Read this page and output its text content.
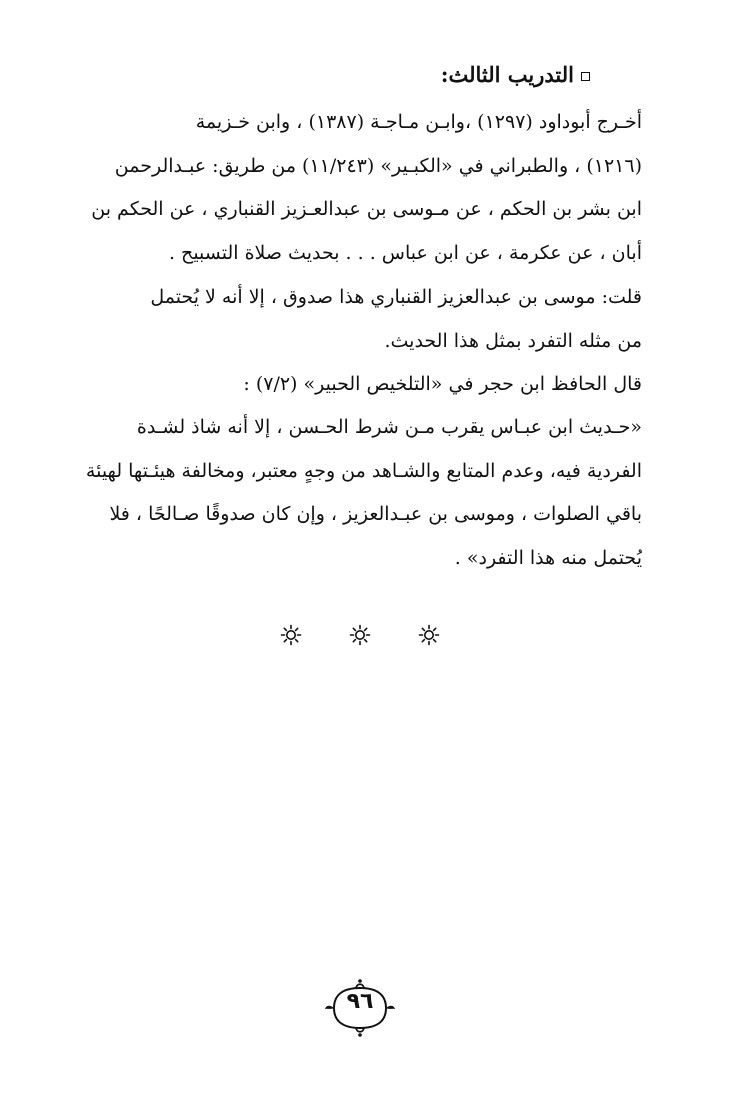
التدريب الثالث:
أخـرج أبوداود (١٢٩٧) ،وابـن مـاجـة (١٣٨٧) ، وابن خـزيمة
(١٢١٦) ، والطبراني في «الكبـير» (١١/٢٤٣) من طريق: عبـدالرحمن
ابن بشر بن الحكم ، عن مـوسى بن عبدالعـزيز القنباري ، عن الحكم بن
أبان ، عن عكرمة ، عن ابن عباس . . . بحديث صلاة التسبيح .
قلت: موسى بن عبدالعزيز القنباري هذا صدوق ، إلا أنه لا يُحتمل
من مثله التفرد بمثل هذا الحديث.
قال الحافظ ابن حجر في «التلخيص الحبير» (٧/٢) :
«حـديث ابن عبـاس يقرب مـن شرط الحـسن ، إلا أنه شاذ لشـدة
الفردية فيه، وعدم المتابع والشـاهد من وجهٍ معتبر، ومخالفة هيئـتها لهيئة
باقي الصلوات ، وموسى بن عبـدالعزيز ، وإن كان صدوقًا صـالحًا ، فلا
يُحتمل منه هذا التفرد» .
٩٦
